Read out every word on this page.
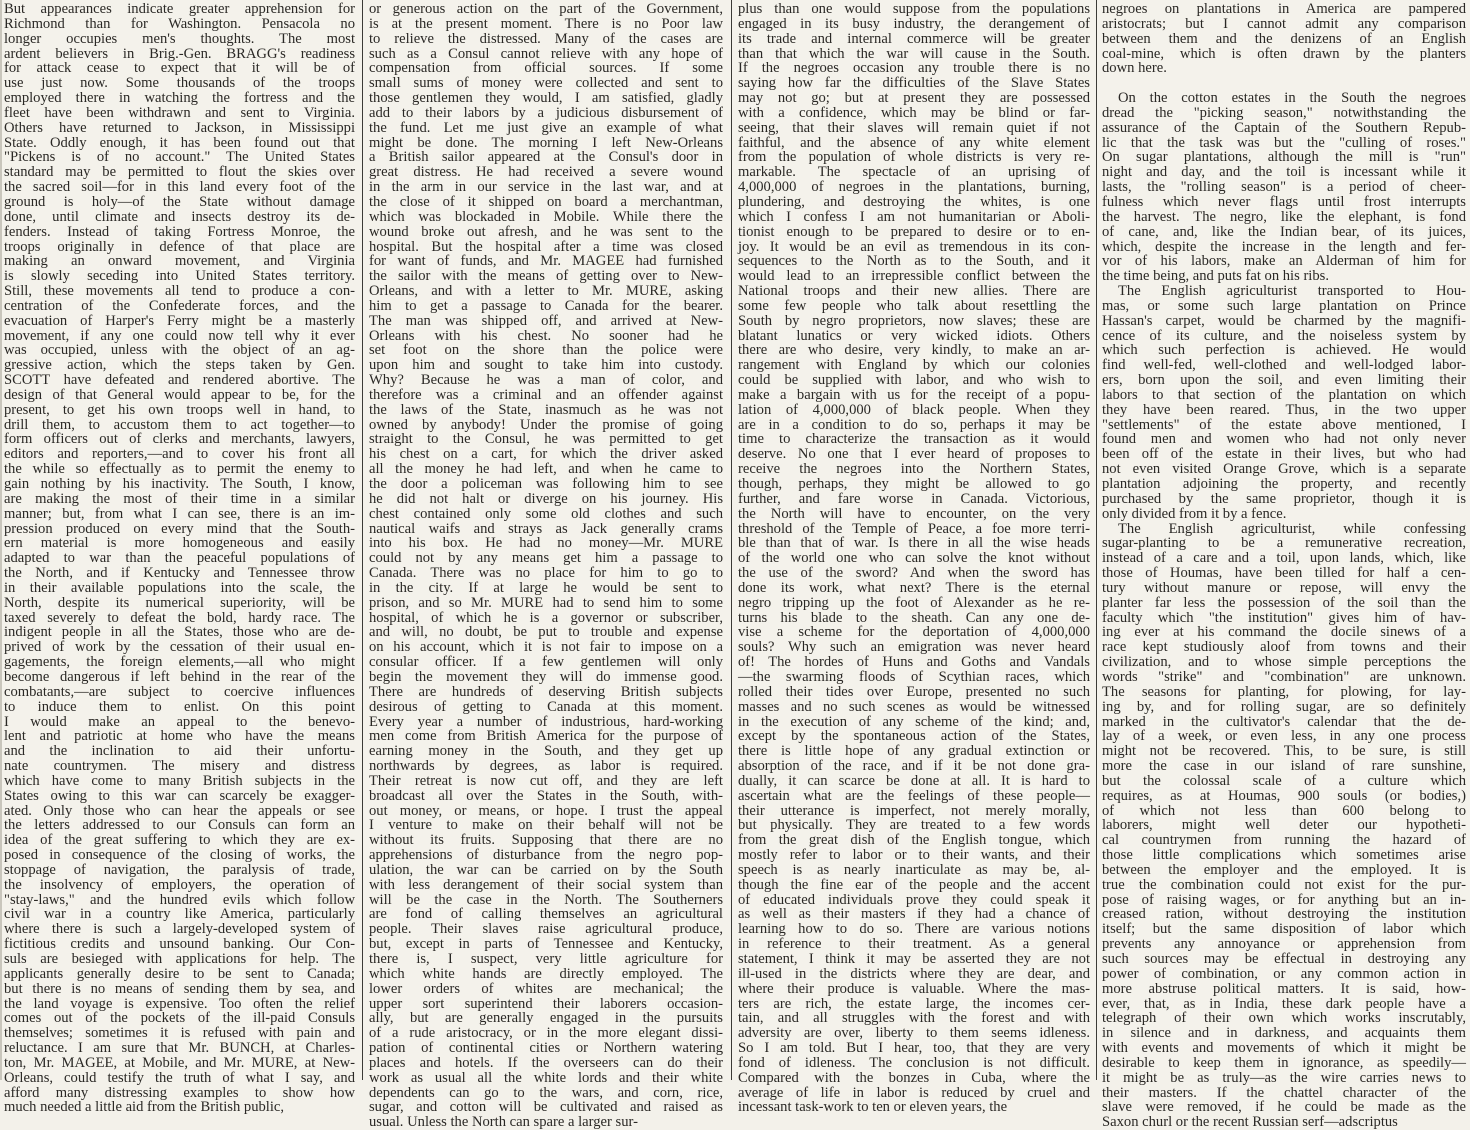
But appearances indicate greater apprehension for
Richmond than for Washington. Pensacola no
longer occupies men's thoughts. The most
ardent believers in Brig.-Gen. BRAGG's readiness
for attack cease to expect that it will be of
use just now. Some thousands of the troops
employed there in watching the fortress and the
fleet have been withdrawn and sent to Virginia.
Others have returned to Jackson, in Mississippi
State. Oddly enough, it has been found out that
"Pickens is of no account." The United States
standard may be permitted to flout the skies over
the sacred soil—for in this land every foot of the
ground is holy—of the State without damage
done, until climate and insects destroy its de-
fenders. Instead of taking Fortress Monroe, the
troops originally in defence of that place are
making an onward movement, and Virginia
is slowly seceding into United States territory.
Still, these movements all tend to produce a con-
centration of the Confederate forces, and the
evacuation of Harper's Ferry might be a masterly
movement, if any one could now tell why it ever
was occupied, unless with the object of an ag-
gressive action, which the steps taken by Gen.
SCOTT have defeated and rendered abortive. The
design of that General would appear to be, for the
present, to get his own troops well in hand, to
drill them, to accustom them to act together—to
form officers out of clerks and merchants, lawyers,
editors and reporters,—and to cover his front all
the while so effectually as to permit the enemy to
gain nothing by his inactivity. The South, I know,
are making the most of their time in a similar
manner; but, from what I can see, there is an im-
pression produced on every mind that the South-
ern material is more homogeneous and easily
adapted to war than the peaceful populations of
the North, and if Kentucky and Tennessee throw
in their available populations into the scale, the
North, despite its numerical superiority, will be
taxed severely to defeat the bold, hardy race. The
indigent people in all the States, those who are de-
prived of work by the cessation of their usual en-
gagements, the foreign elements,—all who might
become dangerous if left behind in the rear of the
combatants,—are subject to coercive influences
to induce them to enlist. On this point
I would make an appeal to the benevo-
lent and patriotic at home who have the means
and the inclination to aid their unfortu-
nate countrymen. The misery and distress
which have come to many British subjects in the
States owing to this war can scarcely be exagger-
ated. Only those who can hear the appeals or see
the letters addressed to our Consuls can form an
idea of the great suffering to which they are ex-
posed in consequence of the closing of works, the
stoppage of navigation, the paralysis of trade,
the insolvency of employers, the operation of
"stay-laws," and the hundred evils which follow
civil war in a country like America, particularly
where there is such a largely-developed system of
fictitious credits and unsound banking. Our Con-
suls are besieged with applications for help. The
applicants generally desire to be sent to Canada;
but there is no means of sending them by sea, and
the land voyage is expensive. Too often the relief
comes out of the pockets of the ill-paid Consuls
themselves; sometimes it is refused with pain and
reluctance. I am sure that Mr. BUNCH, at Charles-
ton, Mr. MAGEE, at Mobile, and Mr. MURE, at New-
Orleans, could testify the truth of what I say, and
afford many distressing examples to show how
much needed a little aid from the British public,
or generous action on the part of the Government,
is at the present moment. There is no Poor law
to relieve the distressed. Many of the cases are
such as a Consul cannot relieve with any hope of
compensation from official sources. If some
small sums of money were collected and sent to
those gentlemen they would, I am satisfied, gladly
add to their labors by a judicious disbursement of
the fund. Let me just give an example of what
might be done. The morning I left New-Orleans
a British sailor appeared at the Consul's door in
great distress. He had received a severe wound
in the arm in our service in the last war, and at
the close of it shipped on board a merchantman,
which was blockaded in Mobile. While there the
wound broke out afresh, and he was sent to the
hospital. But the hospital after a time was closed
for want of funds, and Mr. MAGEE had furnished
the sailor with the means of getting over to New-
Orleans, and with a letter to Mr. MURE, asking
him to get a passage to Canada for the bearer.
The man was shipped off, and arrived at New-
Orleans with his chest. No sooner had he
set foot on the shore than the police were
upon him and sought to take him into custody.
Why? Because he was a man of color, and
therefore was a criminal and an offender against
the laws of the State, inasmuch as he was not
owned by anybody! Under the promise of going
straight to the Consul, he was permitted to get
his chest on a cart, for which the driver asked
all the money he had left, and when he came to
the door a policeman was following him to see
he did not halt or diverge on his journey. His
chest contained only some old clothes and such
nautical waifs and strays as Jack generally crams
into his box. He had no money—Mr. MURE
could not by any means get him a passage to
Canada. There was no place for him to go to
in the city. If at large he would be sent to
prison, and so Mr. MURE had to send him to some
hospital, of which he is a governor or subscriber,
and will, no doubt, be put to trouble and expense
on his account, which it is not fair to impose on a
consular officer. If a few gentlemen will only
begin the movement they will do immense good.
There are hundreds of deserving British subjects
desirous of getting to Canada at this moment.
Every year a number of industrious, hard-working
men come from British America for the purpose of
earning money in the South, and they get up
northwards by degrees, as labor is required.
Their retreat is now cut off, and they are left
broadcast all over the States in the South, with-
out money, or means, or hope. I trust the appeal
I venture to make on their behalf will not be
without its fruits. Supposing that there are no
apprehensions of disturbance from the negro pop-
ulation, the war can be carried on by the South
with less derangement of their social system than
will be the case in the North. The Southerners
are fond of calling themselves an agricultural
people. Their slaves raise agricultural produce,
but, except in parts of Tennessee and Kentucky,
there is, I suspect, very little agriculture for
which white hands are directly employed. The
lower orders of whites are mechanical; the
upper sort superintend their laborers occasion-
ally, but are generally engaged in the pursuits
of a rude aristocracy, or in the more elegant dissi-
pation of continental cities or Northern watering
places and hotels. If the overseers can do their
work as usual all the white lords and their white
dependents can go to the wars, and corn, rice,
sugar, and cotton will be cultivated and raised as
usual. Unless the North can spare a larger sur-
plus than one would suppose from the populations
engaged in its busy industry, the derangement of
its trade and internal commerce will be greater
than that which the war will cause in the South.
If the negroes occasion any trouble there is no
saying how far the difficulties of the Slave States
may not go; but at present they are possessed
with a confidence, which may be blind or far-
seeing, that their slaves will remain quiet if not
faithful, and the absence of any white element
from the population of whole districts is very re-
markable. The spectacle of an uprising of
4,000,000 of negroes in the plantations, burning,
plundering, and destroying the whites, is one
which I confess I am not humanitarian or Aboli-
tionist enough to be prepared to desire or to en-
joy. It would be an evil as tremendous in its con-
sequences to the North as to the South, and it
would lead to an irrepressible conflict between the
National troops and their new allies. There are
some few people who talk about resettling the
South by negro proprietors, now slaves; these are
blatant lunatics or very wicked idiots. Others
there are who desire, very kindly, to make an ar-
rangement with England by which our colonies
could be supplied with labor, and who wish to
make a bargain with us for the receipt of a popu-
lation of 4,000,000 of black people. When they
are in a condition to do so, perhaps it may be
time to characterize the transaction as it would
deserve. No one that I ever heard of proposes to
receive the negroes into the Northern States,
though, perhaps, they might be allowed to go
further, and fare worse in Canada. Victorious,
the North will have to encounter, on the very
threshold of the Temple of Peace, a foe more terri-
ble than that of war. Is there in all the wise heads
of the world one who can solve the knot without
the use of the sword? And when the sword has
done its work, what next? There is the eternal
negro tripping up the foot of Alexander as he re-
turns his blade to the sheath. Can any one de-
vise a scheme for the deportation of 4,000,000
souls? Why such an emigration was never heard
of! The hordes of Huns and Goths and Vandals
—the swarming floods of Scythian races, which
rolled their tides over Europe, presented no such
masses and no such scenes as would be witnessed
in the execution of any scheme of the kind; and,
except by the spontaneous action of the States,
there is little hope of any gradual extinction or
absorption of the race, and if it be not done gra-
dually, it can scarce be done at all. It is hard to
ascertain what are the feelings of these people—
their utterance is imperfect, not merely morally,
but physically. They are treated to a few words
from the great dish of the English tongue, which
mostly refer to labor or to their wants, and their
speech is as nearly inarticulate as may be, al-
though the fine ear of the people and the accent
of educated individuals prove they could speak it
as well as their masters if they had a chance of
learning how to do so. There are various notions
in reference to their treatment. As a general
statement, I think it may be asserted they are not
ill-used in the districts where they are dear, and
where their produce is valuable. Where the mas-
ters are rich, the estate large, the incomes cer-
tain, and all struggles with the forest and with
adversity are over, liberty to them seems idleness.
So I am told. But I hear, too, that they are very
fond of idleness. The conclusion is not difficult.
Compared with the bonzes in Cuba, where the
average of life in labor is reduced by cruel and
incessant task-work to ten or eleven years, the
negroes on plantations in America are pampered
aristocrats; but I cannot admit any comparison
between them and the denizens of an English
coal-mine, which is often drawn by the planters
down here.

On the cotton estates in the South the negroes
dread the "picking season," notwithstanding the
assurance of the Captain of the Southern Repub-
lic that the task was but the "culling of roses."
On sugar plantations, although the mill is "run"
night and day, and the toil is incessant while it
lasts, the "rolling season" is a period of cheer-
fulness which never flags until frost interrupts
the harvest. The negro, like the elephant, is fond
of cane, and, like the Indian bear, of its juices,
which, despite the increase in the length and fer-
vor of his labors, make an Alderman of him for
the time being, and puts fat on his ribs.
The English agriculturist transported to Hou-
mas, or some such large plantation on Prince
Hassan's carpet, would be charmed by the magnifi-
cence of its culture, and the noiseless system by
which such perfection is achieved. He would
find well-fed, well-clothed and well-lodged labor-
ers, born upon the soil, and even limiting their
labors to that section of the plantation on which
they have been reared. Thus, in the two upper
"settlements" of the estate above mentioned, I
found men and women who had not only never
been off of the estate in their lives, but who had
not even visited Orange Grove, which is a separate
plantation adjoining the property, and recently
purchased by the same proprietor, though it is
only divided from it by a fence.
The English agriculturist, while confessing
sugar-planting to be a remunerative recreation,
instead of a care and a toil, upon lands, which, like
those of Houmas, have been tilled for half a cen-
tury without manure or repose, will envy the
planter far less the possession of the soil than the
faculty which "the institution" gives him of hav-
ing ever at his command the docile sinews of a
race kept studiously aloof from towns and their
civilization, and to whose simple perceptions the
words "strike" and "combination" are unknown.
The seasons for planting, for plowing, for lay-
ing by, and for rolling sugar, are so definitely
marked in the cultivator's calendar that the de-
lay of a week, or even less, in any one process
might not be recovered. This, to be sure, is still
more the case in our island of rare sunshine,
but the colossal scale of a culture which
requires, as at Houmas, 900 souls (or bodies,)
of which not less than 600 belong to
laborers, might well deter our hypotheti-
cal countrymen from running the hazard of
those little complications which sometimes arise
between the employer and the employed. It is
true the combination could not exist for the pur-
pose of raising wages, or for anything but an in-
creased ration, without destroying the institution
itself; but the same disposition of labor which
prevents any annoyance or apprehension from
such sources may be effectual in destroying any
power of combination, or any common action in
more abstruse political matters. It is said, how-
ever, that, as in India, these dark people have a
telegraph of their own which works inscrutably,
in silence and in darkness, and acquaints them
with events and movements of which it might be
desirable to keep them in ignorance, as speedily—
it might be as truly—as the wire carries news to
their masters. If the chattel character of the
slave were removed, if he could be made as the
Saxon churl or the recent Russian serf—adscriptus
